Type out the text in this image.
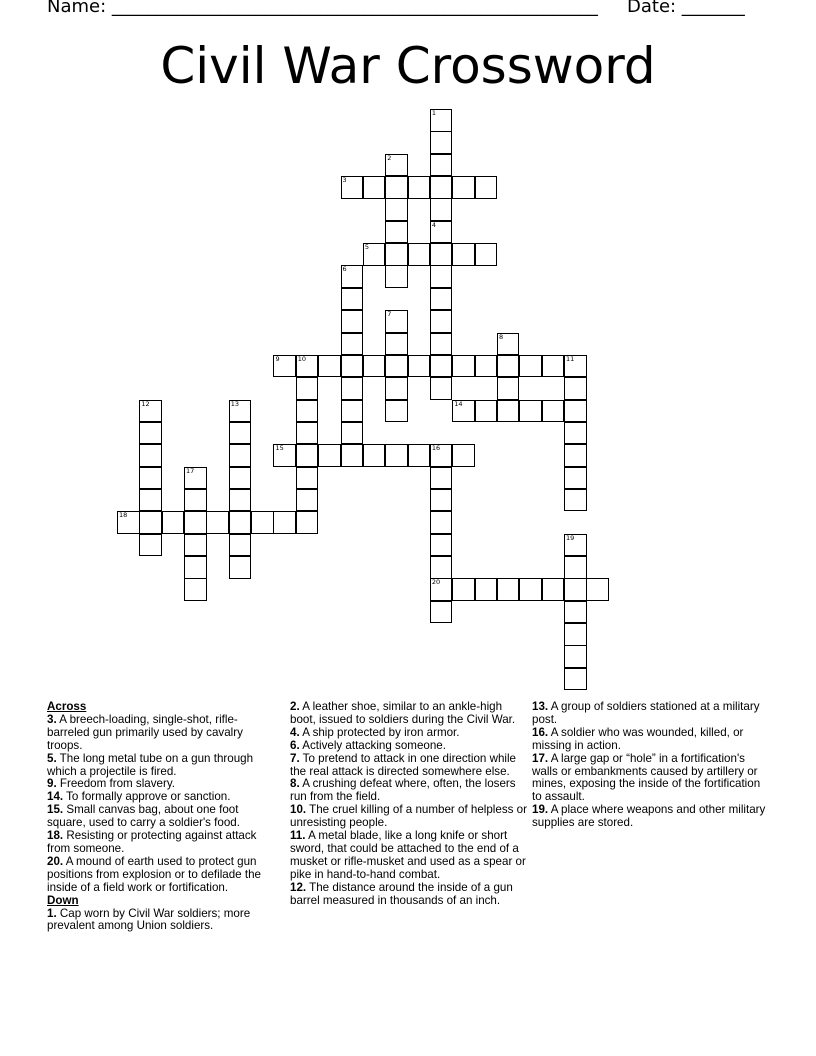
Name: ______________________________________________________ Date: _______
Civil War Crossword
1
4
2
3
5
6
7
8
9	10	11
12	13	14
15	16
20
17
18
19
Across
3. A breech-loading, single-shot, rifle-barreled gun primarily used by cavalry troops.
5. The long metal tube on a gun through which a projectile is fired.
9. Freedom from slavery.
14. To formally approve or sanction.
15. Small canvas bag, about one foot square, used to carry a soldier's food.
18. Resisting or protecting against attack from someone.
20. A mound of earth used to protect gun positions from explosion or to defilade the inside of a field work or fortification.
Down
1. Cap worn by Civil War soldiers; more prevalent among Union soldiers.
2. A leather shoe, similar to an ankle-high boot, issued to soldiers during the Civil War.
4. A ship protected by iron armor.
6. Actively attacking someone.
7. To pretend to attack in one direction while the real attack is directed somewhere else.
8. A crushing defeat where, often, the losers run from the field.
10. The cruel killing of a number of helpless or unresisting people.
11. A metal blade, like a long knife or short sword, that could be attached to the end of a musket or rifle-musket and used as a spear or pike in hand-to-hand combat.
12. The distance around the inside of a gun barrel measured in thousands of an inch.
13. A group of soldiers stationed at a military post.
16. A soldier who was wounded, killed, or missing in action.
17. A large gap or “hole” in a fortification's walls or embankments caused by artillery or mines, exposing the inside of the fortification to assault.
19. A place where weapons and other military supplies are stored.
